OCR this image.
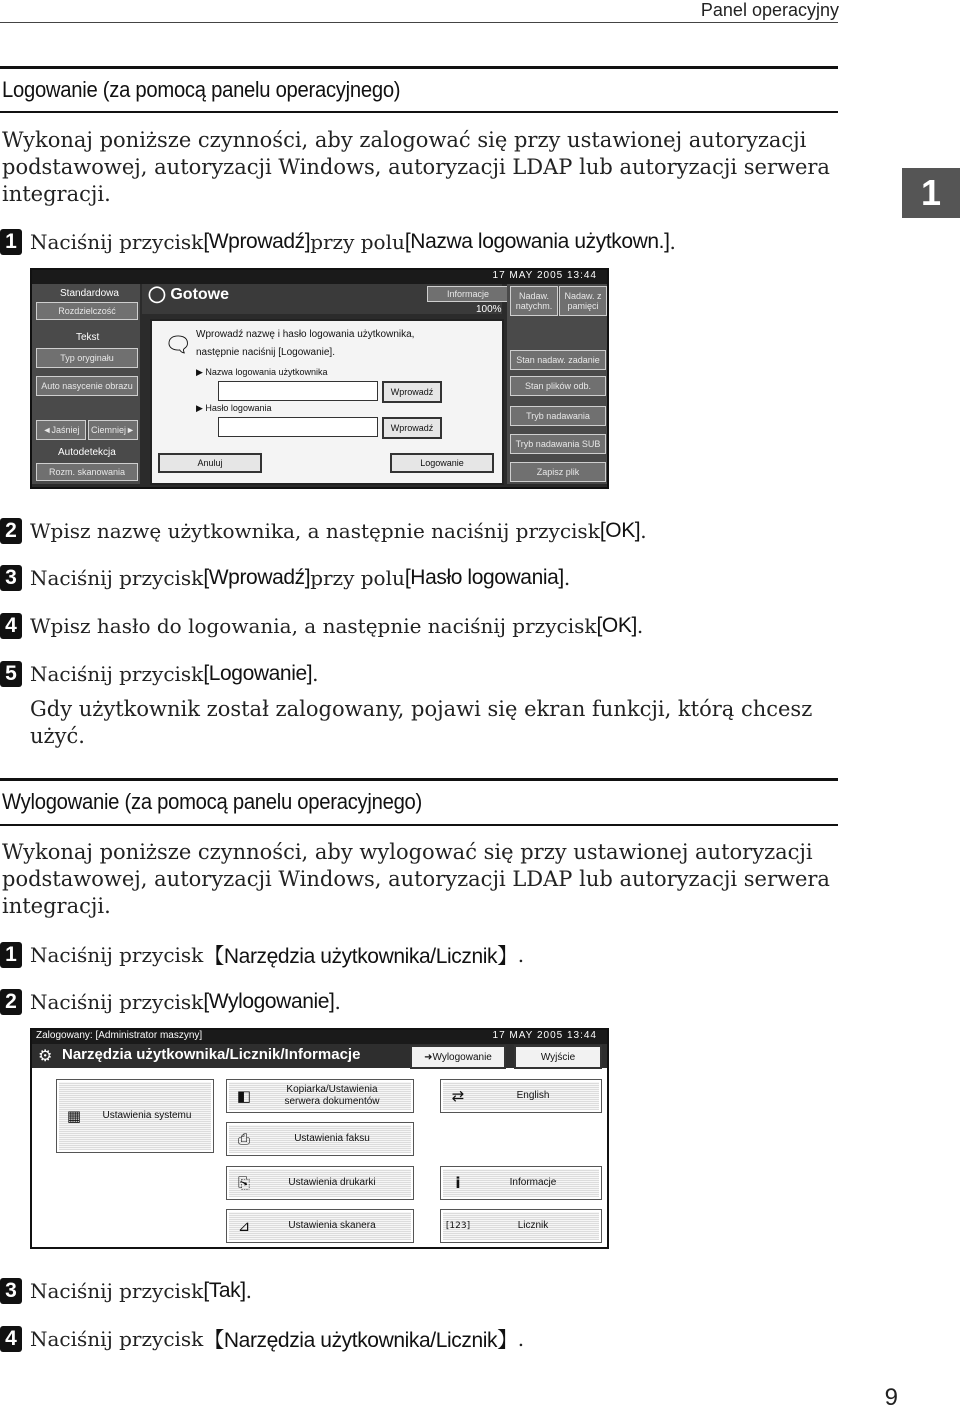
Panel operacyjny
1
Logowanie (za pomocą panelu operacyjnego)
Wykonaj poniższe czynności, aby zalogować się przy ustawionej autoryzacji
podstawowej, autoryzacji Windows, autoryzacji LDAP lub autoryzacji serwera
integracji.
1 Naciśnij przycisk [Wprowadź] przy polu [Nazwa logowania użytkown.] .
17 MAY 2005 13:44
Standardowa
Rozdzielczość
Tekst
Typ oryginału
Auto nasycenie obrazu
◄Jaśniej	Ciemniej►
Autodetekcja
Rozm. skanowania
◯ Gotowe	Informacje
100%
Nadaw. natychm.
Nadaw. z pamięci
Stan nadaw. zadanie
Stan plików odb.
Tryb nadawania
Tryb nadawania SUB
Zapisz plik
🗨 Wprowadź nazwę i hasło logowania użytkownika,
następnie naciśnij [Logowanie].
▶ Nazwa logowania użytkownika
Wprowadź
▶ Hasło logowania
Wprowadź
Anuluj	Logowanie
2 Wpisz nazwę użytkownika, a następnie naciśnij przycisk [OK] .
3 Naciśnij przycisk [Wprowadź] przy polu [Hasło logowania] .
4 Wpisz hasło do logowania, a następnie naciśnij przycisk [OK] .
5 Naciśnij przycisk [Logowanie] .
Gdy użytkownik został zalogowany, pojawi się ekran funkcji, którą chcesz
użyć.
Wylogowanie (za pomocą panelu operacyjnego)
Wykonaj poniższe czynności, aby wylogować się przy ustawionej autoryzacji
podstawowej, autoryzacji Windows, autoryzacji LDAP lub autoryzacji serwera
integracji.
1 Naciśnij przycisk 【Narzędzia użytkownika/Licznik】 .
2 Naciśnij przycisk [Wylogowanie] .
Zalogowany: [Administrator maszyny]	17 MAY 2005 13:44
⚙ Narzędzia użytkownika/Licznik/Informacje	➜Wylogowanie	Wyjście
▦	Ustawienia systemu
◧	Kopiarka/Ustawienia
serwera dokumentów
⎙	Ustawienia faksu
⎘	Ustawienia drukarki
⊿	Ustawienia skanera
⇄	English
i	Informacje
[123]	Licznik
3 Naciśnij przycisk [Tak] .
4 Naciśnij przycisk 【Narzędzia użytkownika/Licznik】 .
9
